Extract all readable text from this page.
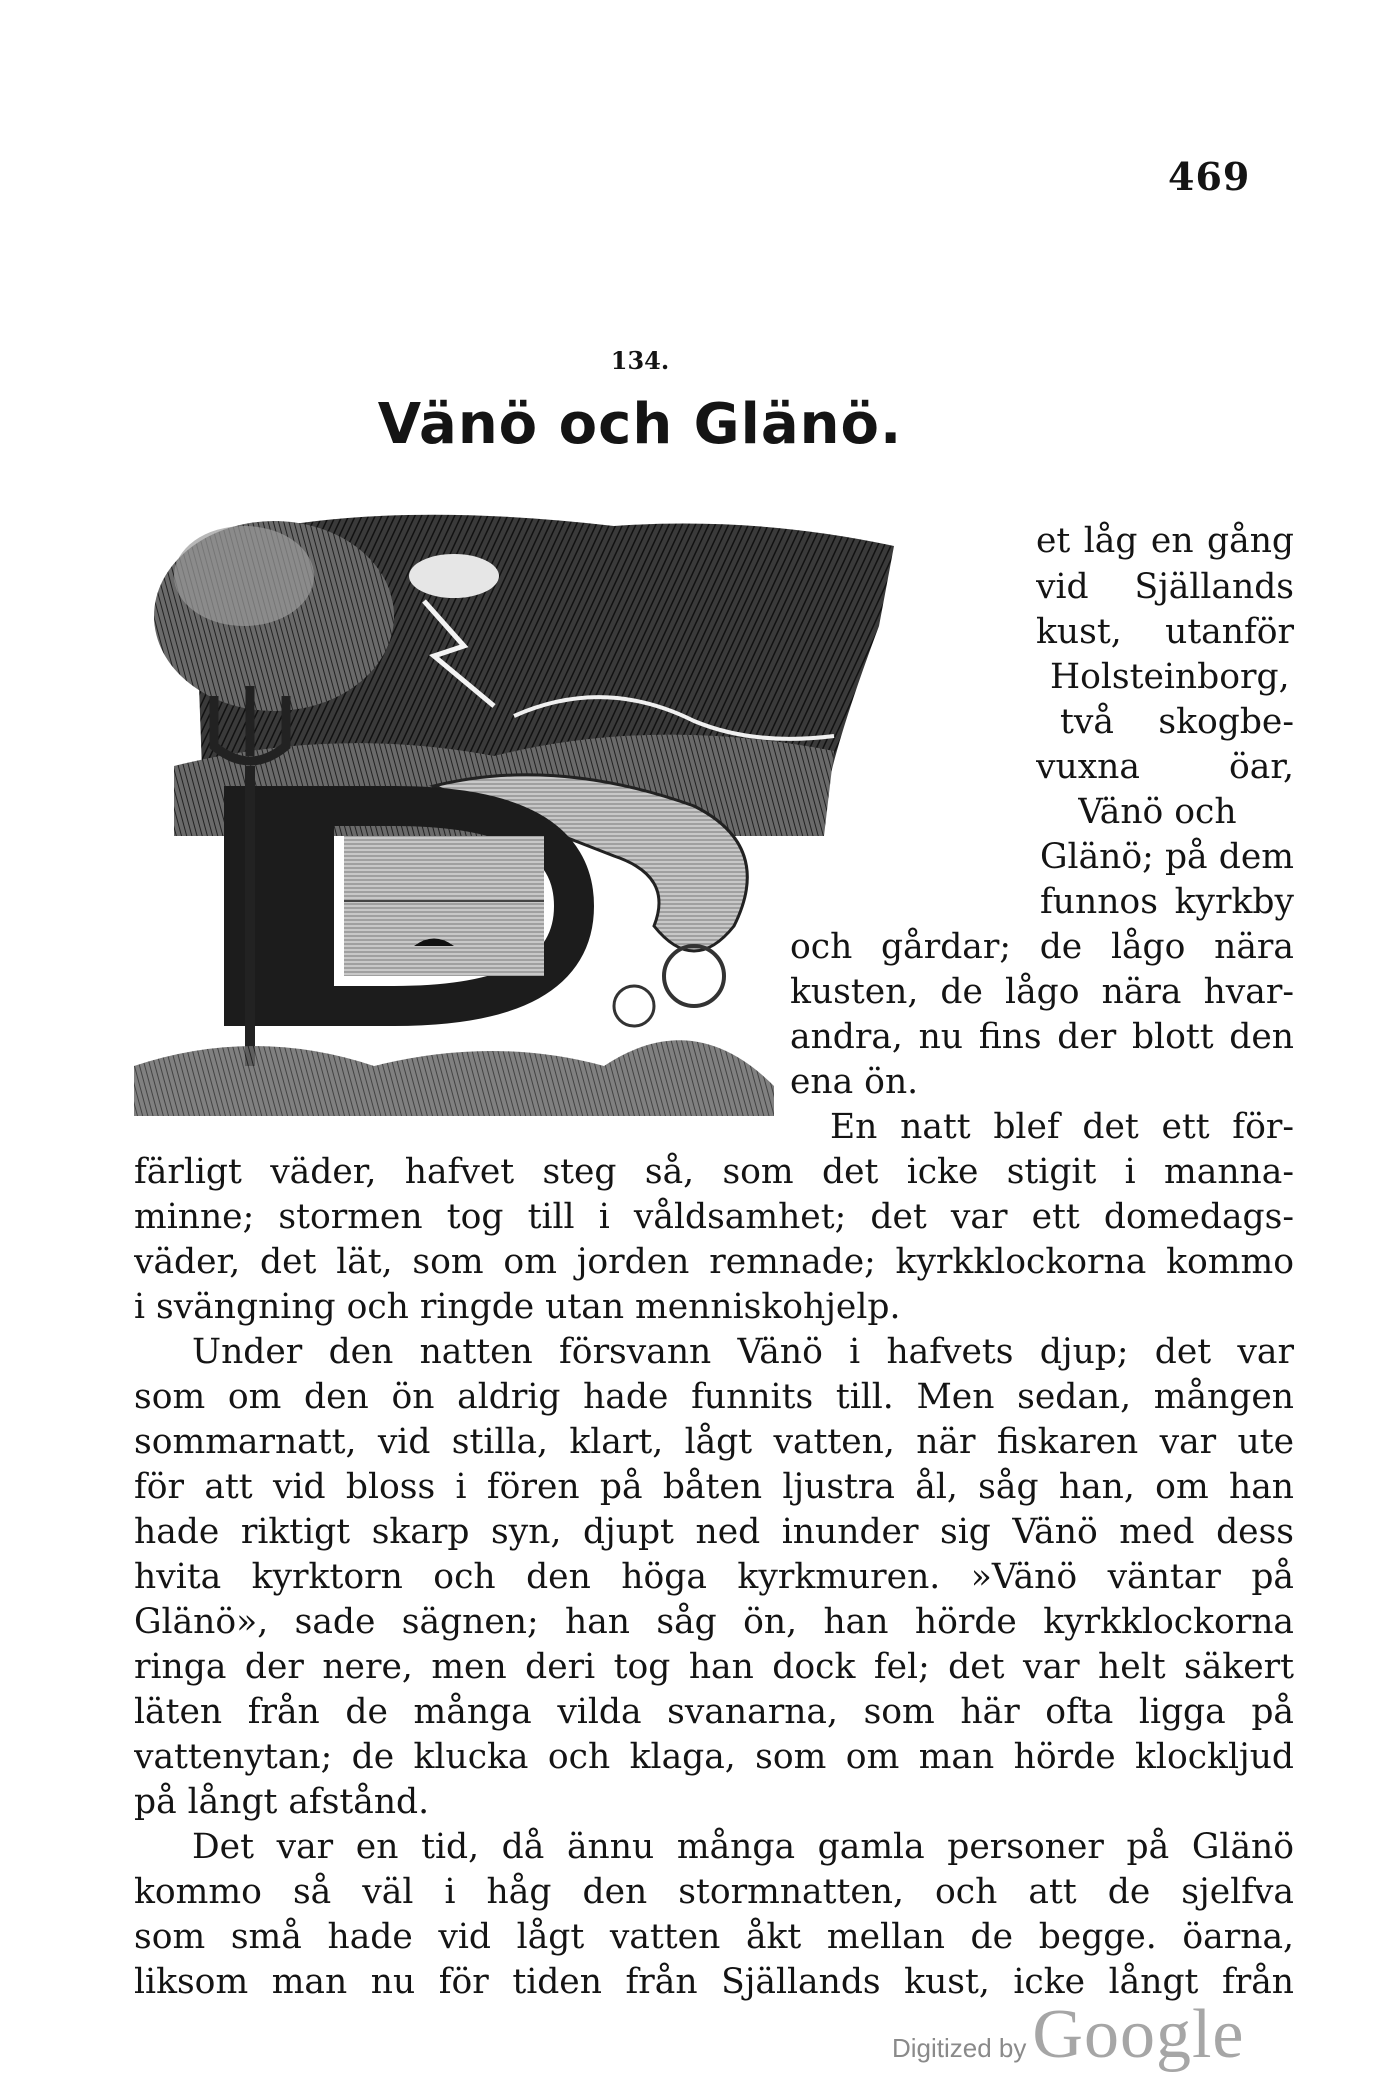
469
134.
Vänö och Glänö.
et låg en gång
vid Själlands
kust, utanför
Holsteinborg,
två skogbe-
vuxna öar,
Vänö och
Glänö; på dem
funnos kyrkby
och gårdar; de lågo nära
kusten, de lågo nära hvar-
andra, nu fins der blott den
ena ön.
En natt blef det ett för-
färligt väder, hafvet steg så, som det icke stigit i manna-
minne; stormen tog till i våldsamhet; det var ett domedags-
väder, det lät, som om jorden remnade; kyrkklockorna kommo
i svängning och ringde utan menniskohjelp.
Under den natten försvann Vänö i hafvets djup; det var
som om den ön aldrig hade funnits till. Men sedan, mången
sommarnatt, vid stilla, klart, lågt vatten, när fiskaren var ute
för att vid bloss i fören på båten ljustra ål, såg han, om han
hade riktigt skarp syn, djupt ned inunder sig Vänö med dess
hvita kyrktorn och den höga kyrkmuren. »Vänö väntar på
Glänö», sade sägnen; han såg ön, han hörde kyrkklockorna
ringa der nere, men deri tog han dock fel; det var helt säkert
läten från de många vilda svanarna, som här ofta ligga på
vattenytan; de klucka och klaga, som om man hörde klockljud
på långt afstånd.
Det var en tid, då ännu många gamla personer på Glänö
kommo så väl i håg den stormnatten, och att de sjelfva
som små hade vid lågt vatten åkt mellan de begge. öarna,
liksom man nu för tiden från Själlands kust, icke långt från
Digitized by Google
